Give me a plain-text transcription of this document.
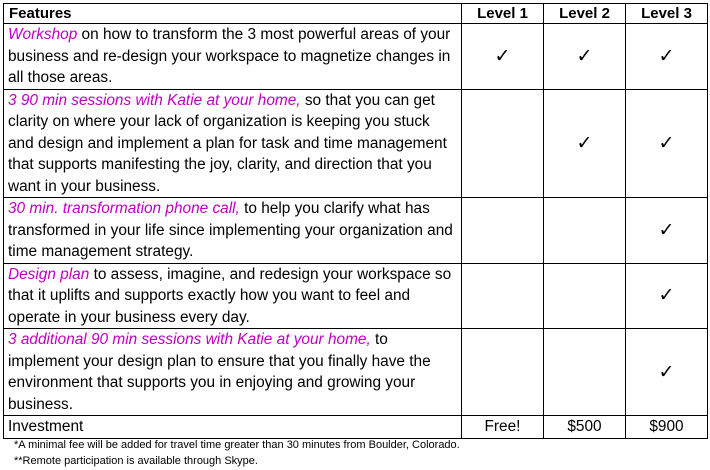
Features	Level 1	Level 2	Level 3
Workshop on how to transform the 3 most powerful areas of your business and re-design your workspace to magnetize changes in all those areas.	✓	✓	✓
3 90 min sessions with Katie at your home, so that you can get clarity on where your lack of organization is keeping you stuck and design and implement a plan for task and time management that supports manifesting the joy, clarity, and direction that you want in your business.		✓	✓
30 min. transformation phone call, to help you clarify what has transformed in your life since implementing your organization and time management strategy.			✓
Design plan to assess, imagine, and redesign your workspace so that it uplifts and supports exactly how you want to feel and operate in your business every day.			✓
3 additional 90 min sessions with Katie at your home, to implement your design plan to ensure that you finally have the environment that supports you in enjoying and growing your business.			✓
Investment	Free!	$500	$900
*A minimal fee will be added for travel time greater than 30 minutes from Boulder, Colorado.
**Remote participation is available through Skype.
